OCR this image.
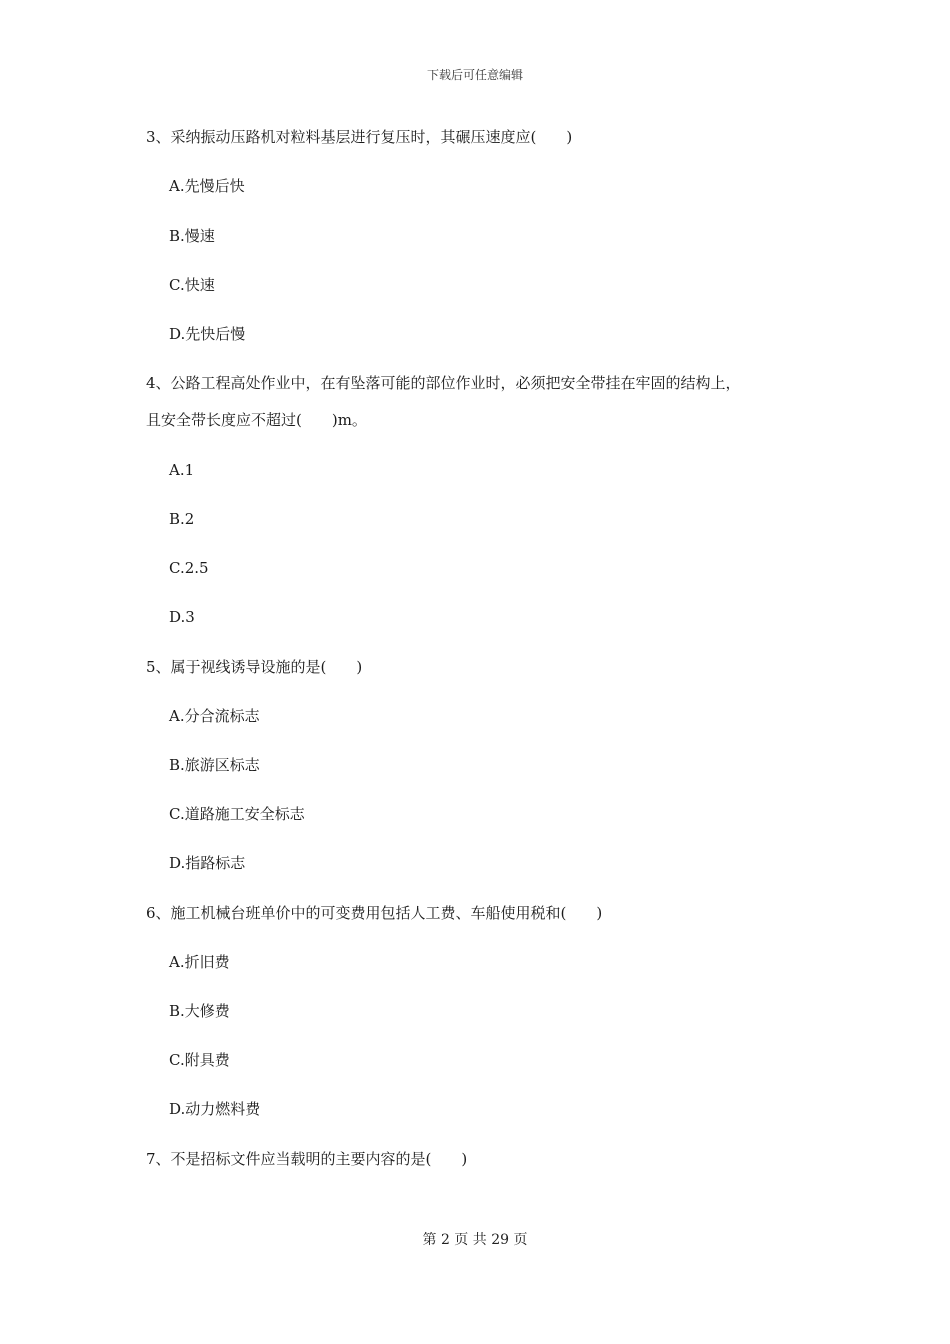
下载后可任意编辑
3、采纳振动压路机对粒料基层进行复压时，其碾压速度应(　　)
A.先慢后快
B.慢速
C.快速
D.先快后慢
4、公路工程高处作业中，在有坠落可能的部位作业时，必须把安全带挂在牢固的结构上，
且安全带长度应不超过(　　)m。
A.1
B.2
C.2.5
D.3
5、属于视线诱导设施的是(　　)
A.分合流标志
B.旅游区标志
C.道路施工安全标志
D.指路标志
6、施工机械台班单价中的可变费用包括人工费、车船使用税和(　　)
A.折旧费
B.大修费
C.附具费
D.动力燃料费
7、不是招标文件应当载明的主要内容的是(　　)
第 2 页 共 29 页
